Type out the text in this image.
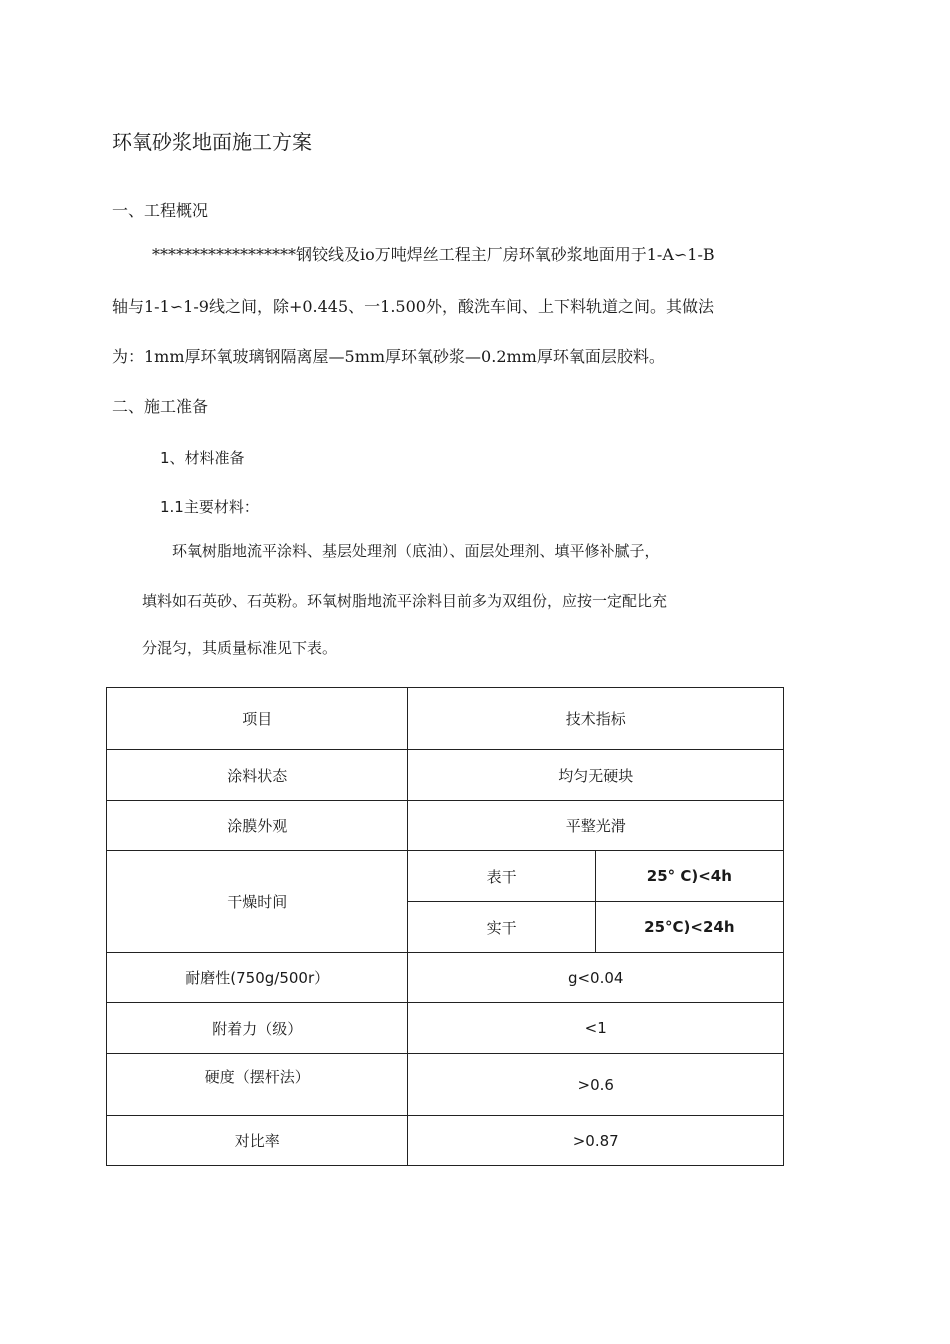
环氧砂浆地面施工方案
一、工程概况
******************钢铰线及io万吨焊丝工程主厂房环氧砂浆地面用于1-A∽1-B
轴与1-1∽1-9线之间，除+0.445、一1.500外，酸洗车间、上下料轨道之间。其做法
为：1mm厚环氧玻璃钢隔离屋—5mm厚环氧砂浆—0.2mm厚环氧面层胶料。
二、施工准备
1、材料准备
1.1主要材料：
环氧树脂地流平涂料、基层处理剂（底油）、面层处理剂、填平修补腻子，
填料如石英砂、石英粉。环氧树脂地流平涂料目前多为双组份，应按一定配比充
分混匀，其质量标准见下表。
项目	技术指标	
涂料状态	均匀无硬块	
涂膜外观	平整光滑	
干燥时间	表干	25° C)<4h
	实干	25°C)<24h
耐磨性(750g/500r）	g<0.04	
附着力（级）	<1	
硬度（摆杆法）	>0.6	
对比率	>0.87	
